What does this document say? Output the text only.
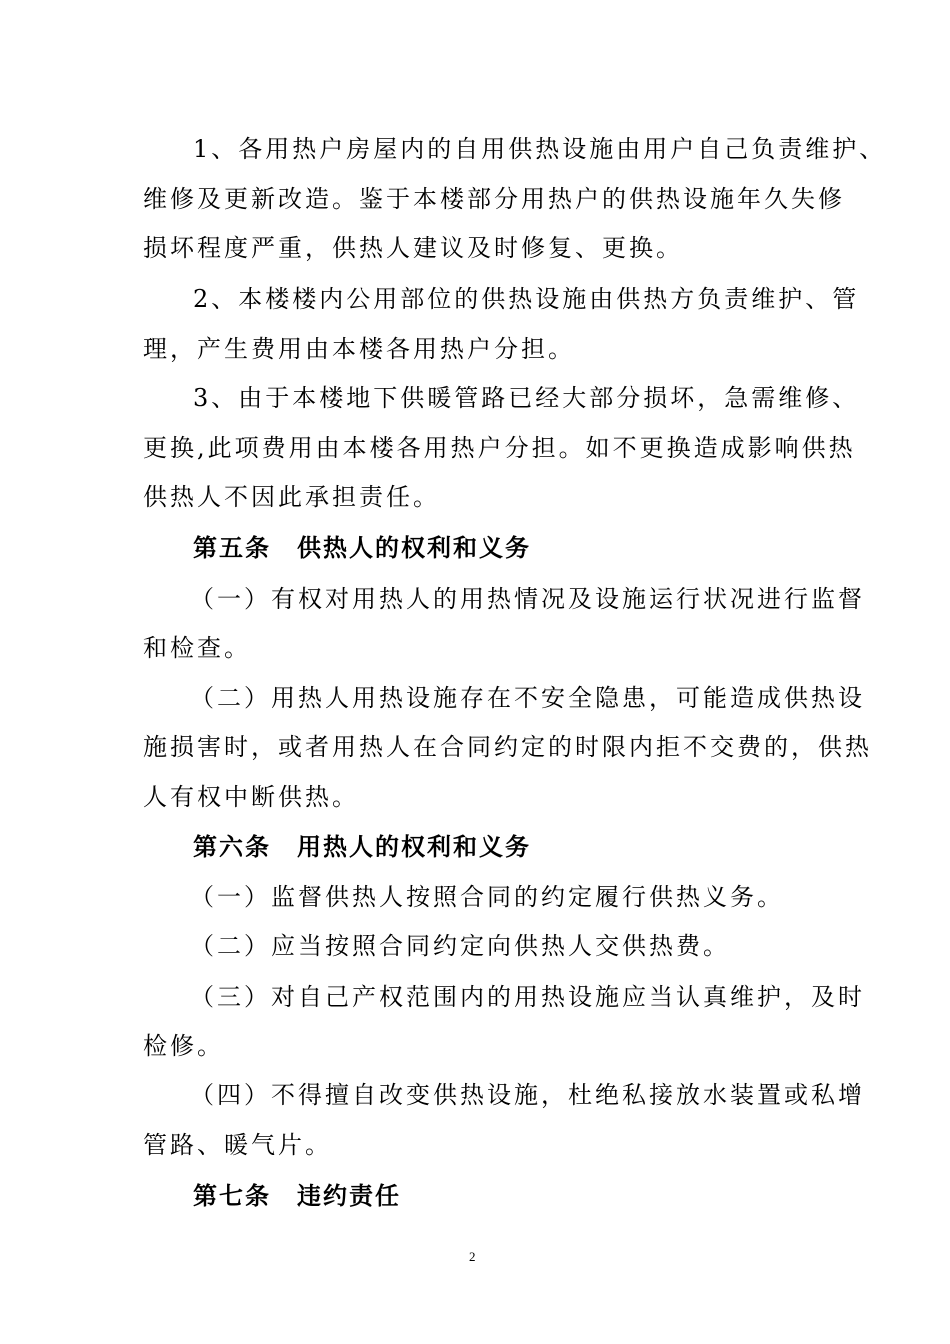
1、各用热户房屋内的自用供热设施由用户自己负责维护、
维修及更新改造。鉴于本楼部分用热户的供热设施年久失修
损坏程度严重，供热人建议及时修复、更换。
2、本楼楼内公用部位的供热设施由供热方负责维护、管
理，产生费用由本楼各用热户分担。
3、由于本楼地下供暖管路已经大部分损坏，急需维修、
更换,此项费用由本楼各用热户分担。如不更换造成影响供热
供热人不因此承担责任。
第五条　供热人的权利和义务
（一）有权对用热人的用热情况及设施运行状况进行监督
和检查。
（二）用热人用热设施存在不安全隐患，可能造成供热设
施损害时，或者用热人在合同约定的时限内拒不交费的，供热
人有权中断供热。
第六条　用热人的权利和义务
（一）监督供热人按照合同的约定履行供热义务。
（二）应当按照合同约定向供热人交供热费。
（三）对自己产权范围内的用热设施应当认真维护，及时
检修。
（四）不得擅自改变供热设施，杜绝私接放水装置或私增
管路、暖气片。
第七条　违约责任
2
